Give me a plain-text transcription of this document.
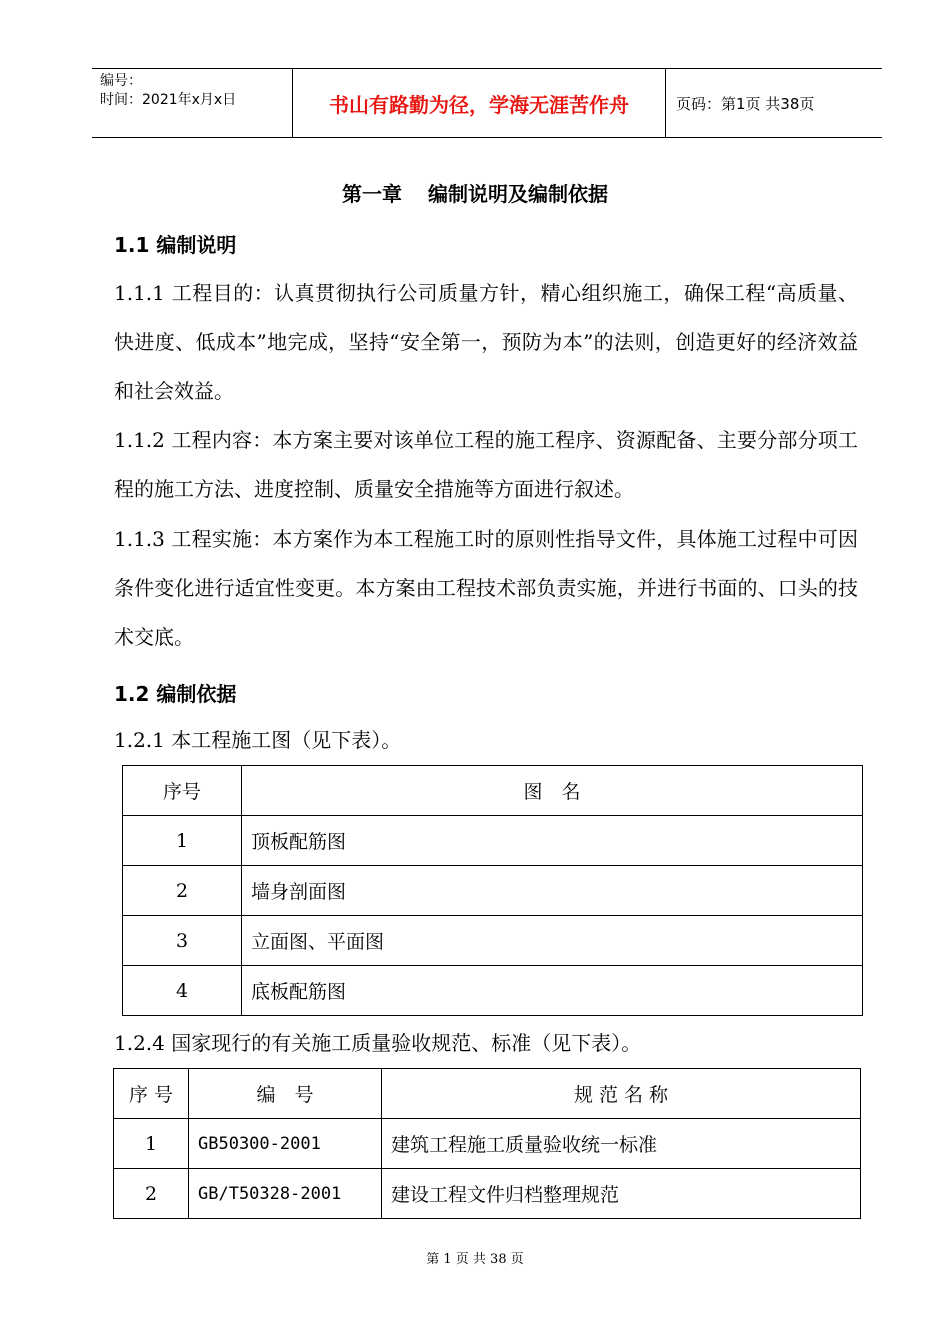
编号：
时间：2021年x月x日	书山有路勤为径，学海无涯苦作舟	页码：第1页 共38页
第一章 编制说明及编制依据
1.1 编制说明
1.1.1 工程目的：认真贯彻执行公司质量方针，精心组织施工，确保工程“高质量、快进度、低成本”地完成，坚持“安全第一，预防为本”的法则，创造更好的经济效益和社会效益。
1.1.2 工程内容：本方案主要对该单位工程的施工程序、资源配备、主要分部分项工程的施工方法、进度控制、质量安全措施等方面进行叙述。
1.1.3 工程实施：本方案作为本工程施工时的原则性指导文件，具体施工过程中可因条件变化进行适宜性变更。本方案由工程技术部负责实施，并进行书面的、口头的技术交底。
1.2 编制依据
1.2.1 本工程施工图（见下表）。
序号	图　名
1	顶板配筋图
2	墙身剖面图
3	立面图、平面图
4	底板配筋图
1.2.4 国家现行的有关施工质量验收规范、标准（见下表）。
序 号	编　号	规 范 名 称
1	GB50300-2001	建筑工程施工质量验收统一标准
2	GB/T50328-2001	建设工程文件归档整理规范
第 1 页 共 38 页
